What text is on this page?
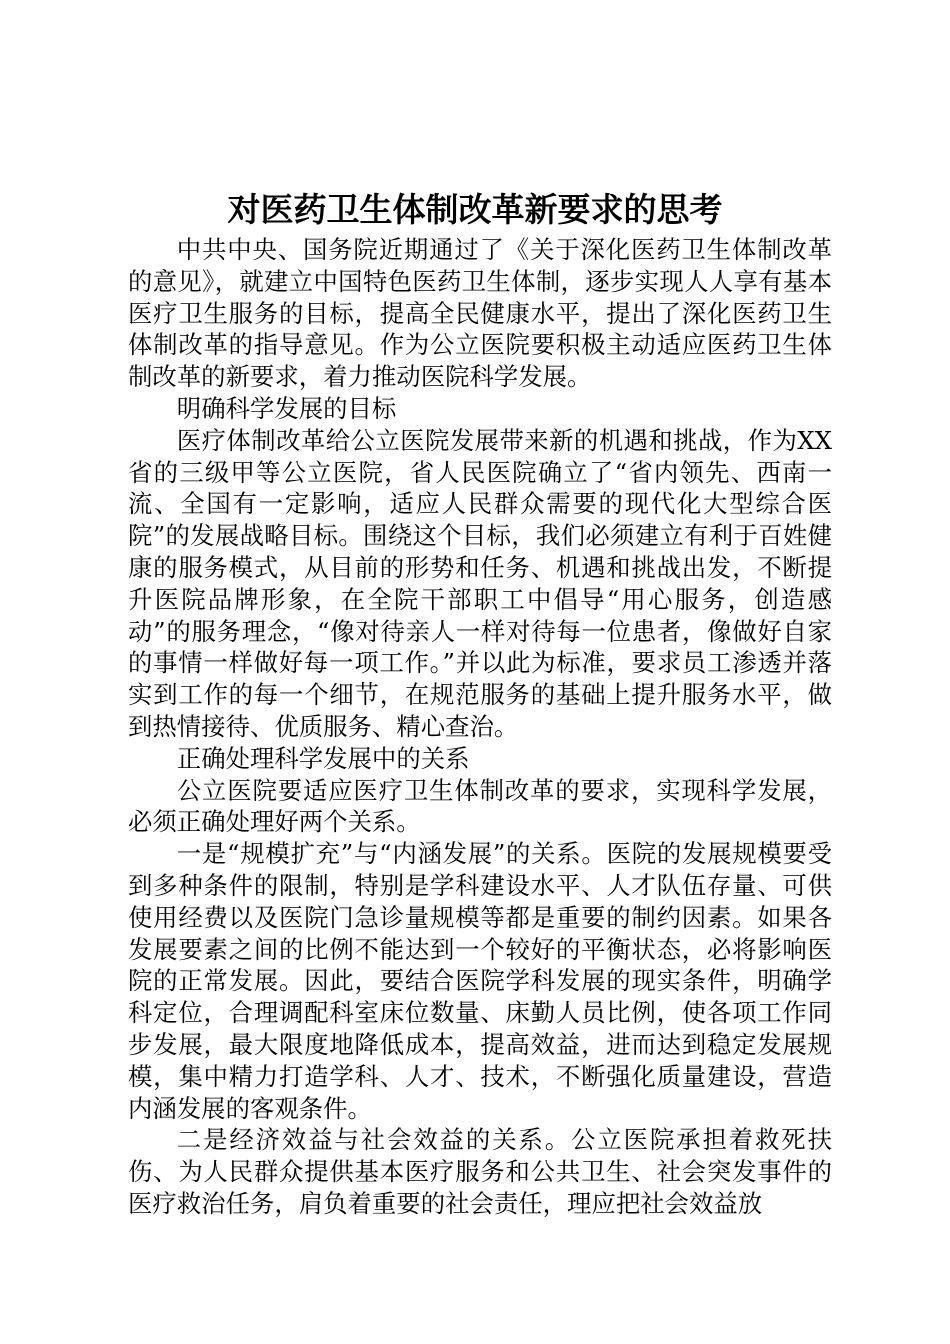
对医药卫生体制改革新要求的思考

中共中央、国务院近期通过了《关于深化医药卫生体制改革的意见》，就建立中国特色医药卫生体制，逐步实现人人享有基本医疗卫生服务的目标，提高全民健康水平，提出了深化医药卫生体制改革的指导意见。作为公立医院要积极主动适应医药卫生体制改革的新要求，着力推动医院科学发展。

明确科学发展的目标

医疗体制改革给公立医院发展带来新的机遇和挑战，作为XX省的三级甲等公立医院，省人民医院确立了“省内领先、西南一流、全国有一定影响，适应人民群众需要的现代化大型综合医院”的发展战略目标。围绕这个目标，我们必须建立有利于百姓健康的服务模式，从目前的形势和任务、机遇和挑战出发，不断提升医院品牌形象，在全院干部职工中倡导“用心服务，创造感动”的服务理念，“像对待亲人一样对待每一位患者，像做好自家的事情一样做好每一项工作。”并以此为标准，要求员工渗透并落实到工作的每一个细节，在规范服务的基础上提升服务水平，做到热情接待、优质服务、精心查治。

正确处理科学发展中的关系

公立医院要适应医疗卫生体制改革的要求，实现科学发展，必须正确处理好两个关系。

一是“规模扩充”与“内涵发展”的关系。医院的发展规模要受到多种条件的限制，特别是学科建设水平、人才队伍存量、可供使用经费以及医院门急诊量规模等都是重要的制约因素。如果各发展要素之间的比例不能达到一个较好的平衡状态，必将影响医院的正常发展。因此，要结合医院学科发展的现实条件，明确学科定位，合理调配科室床位数量、床勤人员比例，使各项工作同步发展，最大限度地降低成本，提高效益，进而达到稳定发展规模，集中精力打造学科、人才、技术，不断强化质量建设，营造内涵发展的客观条件。

二是经济效益与社会效益的关系。公立医院承担着救死扶伤、为人民群众提供基本医疗服务和公共卫生、社会突发事件的医疗救治任务，肩负着重要的社会责任，理应把社会效益放
